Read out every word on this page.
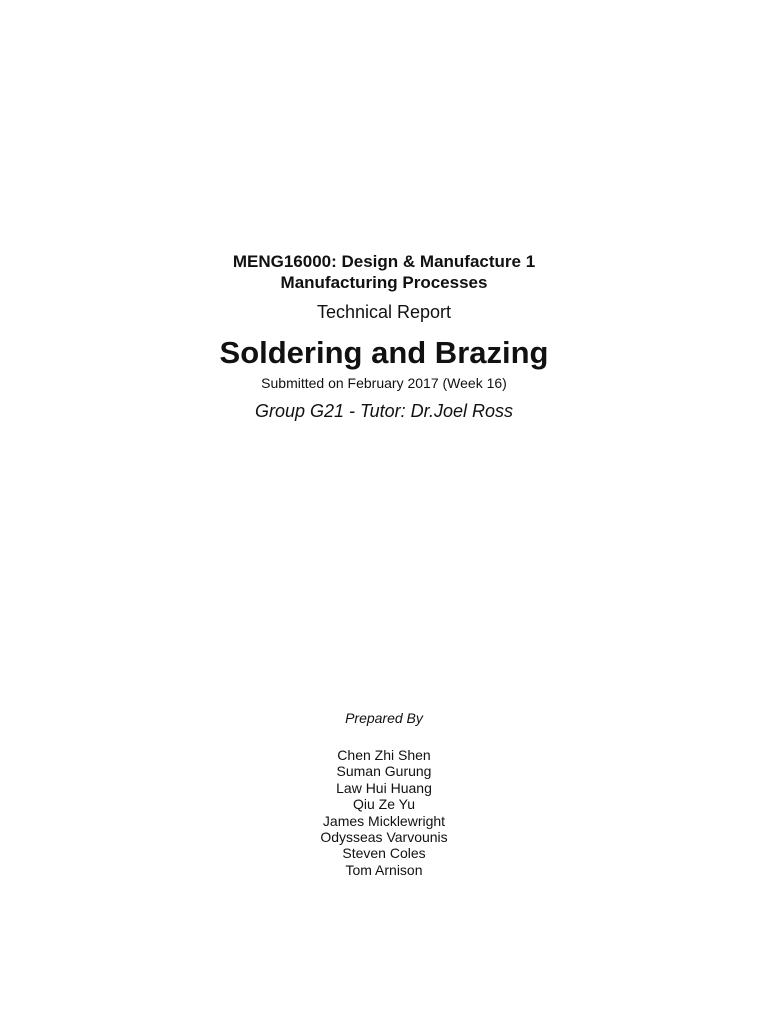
MENG16000: Design & Manufacture 1
Manufacturing Processes
Technical Report
Soldering and Brazing
Submitted on February 2017 (Week 16)
Group G21 - Tutor: Dr.Joel Ross
Prepared By
Chen Zhi Shen
Suman Gurung
Law Hui Huang
Qiu Ze Yu
James Micklewright
Odysseas Varvounis
Steven Coles
Tom Arnison
